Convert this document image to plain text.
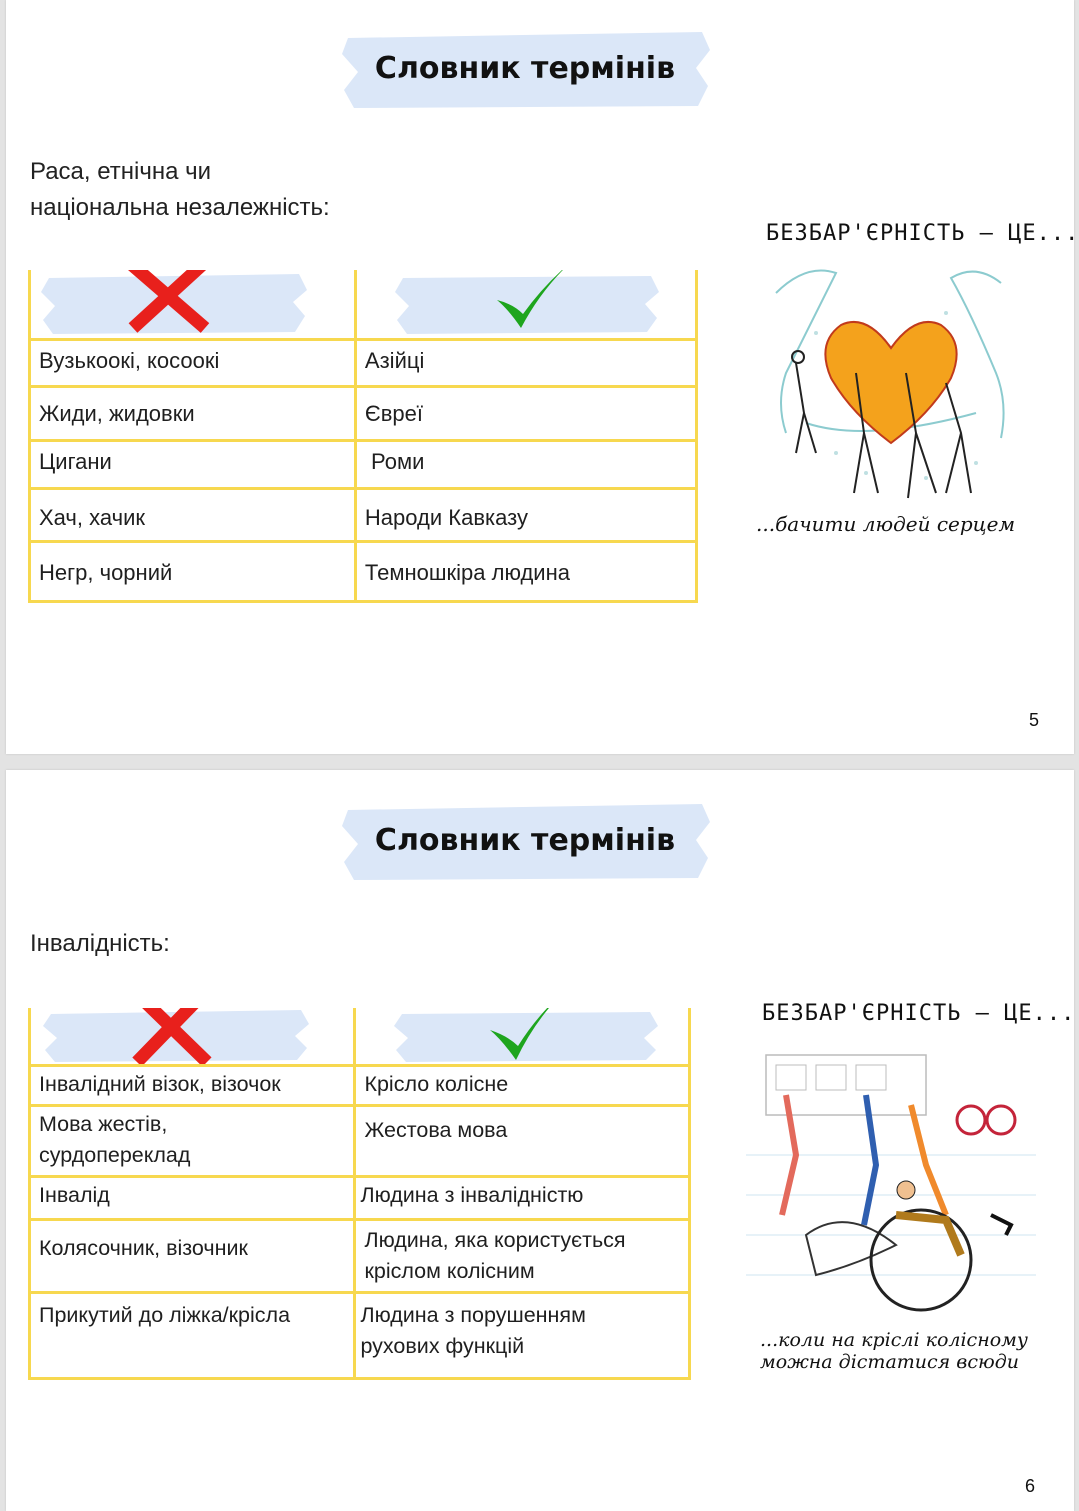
Словник термінів
Раса, етнічна чи
національна незалежність:

Вузькоокі, косоокі	Азійці
Жиди, жидовки	Євреї
Цигани	Роми
Хач, хачик	Народи Кавказу
Негр, чорний	Темношкіра людина
БЕЗБАР'ЄРНІСТЬ — ЦЕ...
...бачити людей серцем
5
Словник термінів
Інвалідність:

Інвалідний візок, візочок	Крісло колісне
Мова жестів,
сурдопереклад	Жестова мова
Інвалід	Людина з інвалідністю
Колясочник, візочник	Людина, яка користується
кріслом колісним
Прикутий до ліжка/крісла	Людина з порушенням
рухових функцій
БЕЗБАР'ЄРНІСТЬ — ЦЕ...
...коли на кріслі колісному
можна дістатися всюди
6
